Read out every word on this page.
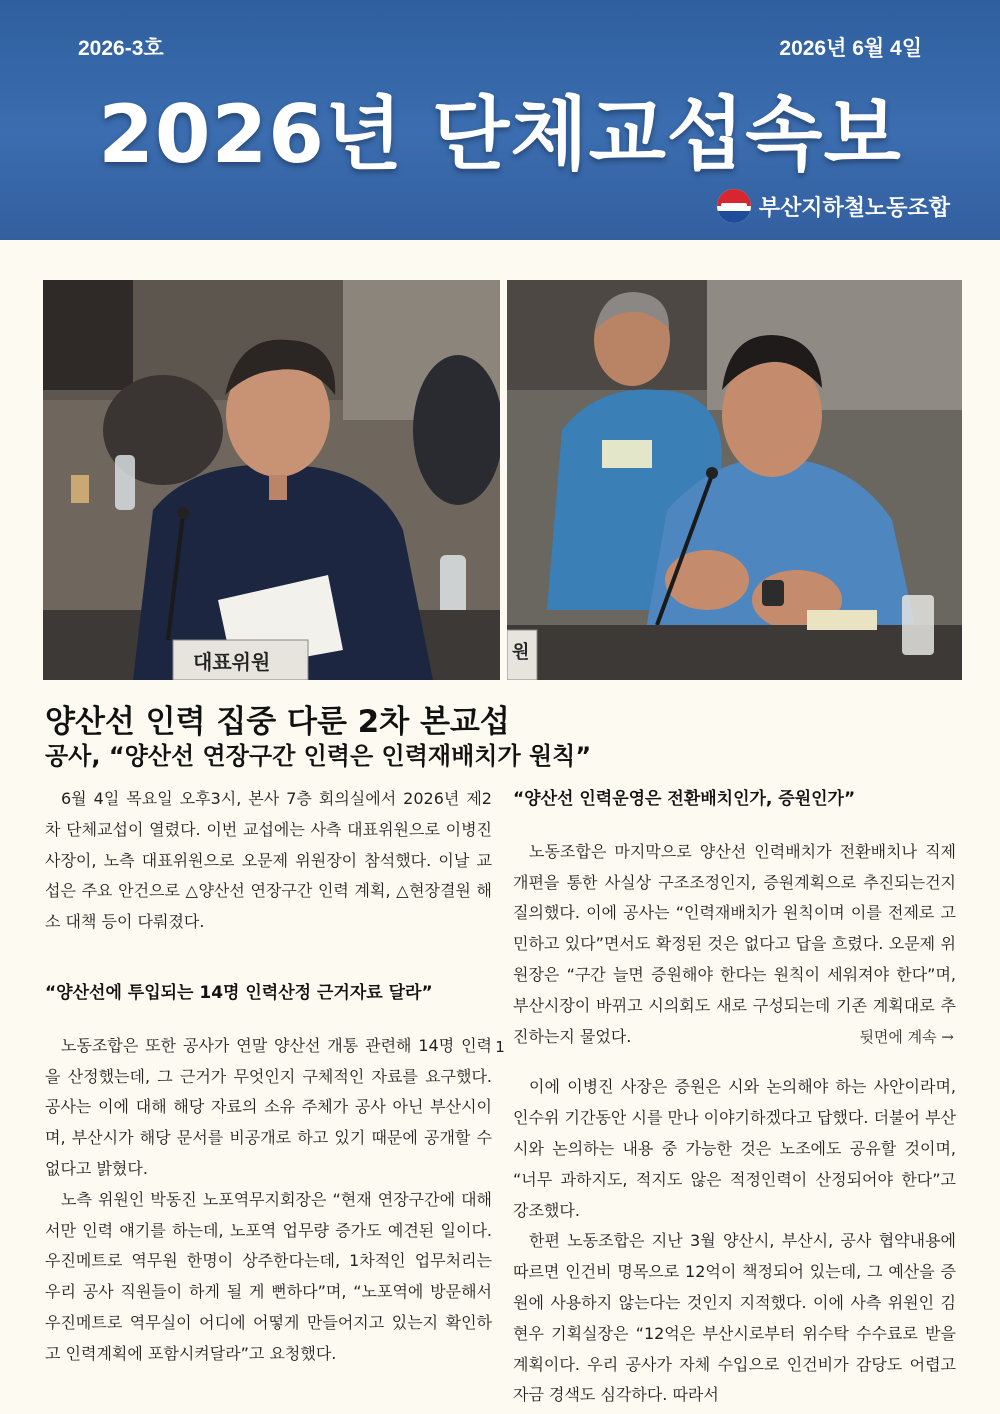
2026-3호	2026년 6월 4일
2026년 단체교섭속보
부산지하철노동조합
대표위원	원
양산선 인력 집중 다룬 2차 본교섭
공사, “양산선 연장구간 인력은 인력재배치가 원칙”

6월 4일 목요일 오후3시, 본사 7층 회의실에서 2026년 제2차 단체교섭이 열렸다. 이번 교섭에는 사측 대표위원으로 이병진 사장이, 노측 대표위원으로 오문제 위원장이 참석했다. 이날 교섭은 주요 안건으로 △양산선 연장구간 인력 계획, △현장결원 해소 대책 등이 다뤄졌다.

“양산선에 투입되는 14명 인력산정 근거자료 달라”

노동조합은 또한 공사가 연말 양산선 개통 관련해 14명 인력을 산정했는데, 그 근거가 무엇인지 구체적인 자료를 요구했다. 공사는 이에 대해 해당 자료의 소유 주체가 공사 아닌 부산시이며, 부산시가 해당 문서를 비공개로 하고 있기 때문에 공개할 수 없다고 밝혔다.

노측 위원인 박동진 노포역무지회장은 “현재 연장구간에 대해서만 인력 얘기를 하는데, 노포역 업무량 증가도 예견된 일이다. 우진메트로 역무원 한명이 상주한다는데, 1차적인 업무처리는 우리 공사 직원들이 하게 될 게 뻔하다”며, “노포역에 방문해서 우진메트로 역무실이 어디에 어떻게 만들어지고 있는지 확인하고 인력계획에 포함시켜달라”고 요청했다.

“양산선 인력운영은 전환배치인가, 증원인가”

노동조합은 마지막으로 양산선 인력배치가 전환배치나 직제개편을 통한 사실상 구조조정인지, 증원계획으로 추진되는건지 질의했다. 이에 공사는 “인력재배치가 원칙이며 이를 전제로 고민하고 있다”면서도 확정된 것은 없다고 답을 흐렸다. 오문제 위원장은 “구간 늘면 증원해야 한다는 원칙이 세워져야 한다”며, 부산시장이 바뀌고 시의회도 새로 구성되는데 기존 계획대로 추진하는지 물었다.

이에 이병진 사장은 증원은 시와 논의해야 하는 사안이라며, 인수위 기간동안 시를 만나 이야기하겠다고 답했다. 더불어 부산시와 논의하는 내용 중 가능한 것은 노조에도 공유할 것이며, “너무 과하지도, 적지도 않은 적정인력이 산정되어야 한다”고 강조했다.

한편 노동조합은 지난 3월 양산시, 부산시, 공사 협약내용에 따르면 인건비 명목으로 12억이 책정되어 있는데, 그 예산을 증원에 사용하지 않는다는 것인지 지적했다. 이에 사측 위원인 김현우 기획실장은 “12억은 부산시로부터 위수탁 수수료로 받을 계획이다. 우리 공사가 자체 수입으로 인건비가 감당도 어렵고 자금 경색도 심각하다. 따라서

뒷면에 계속 →
1
